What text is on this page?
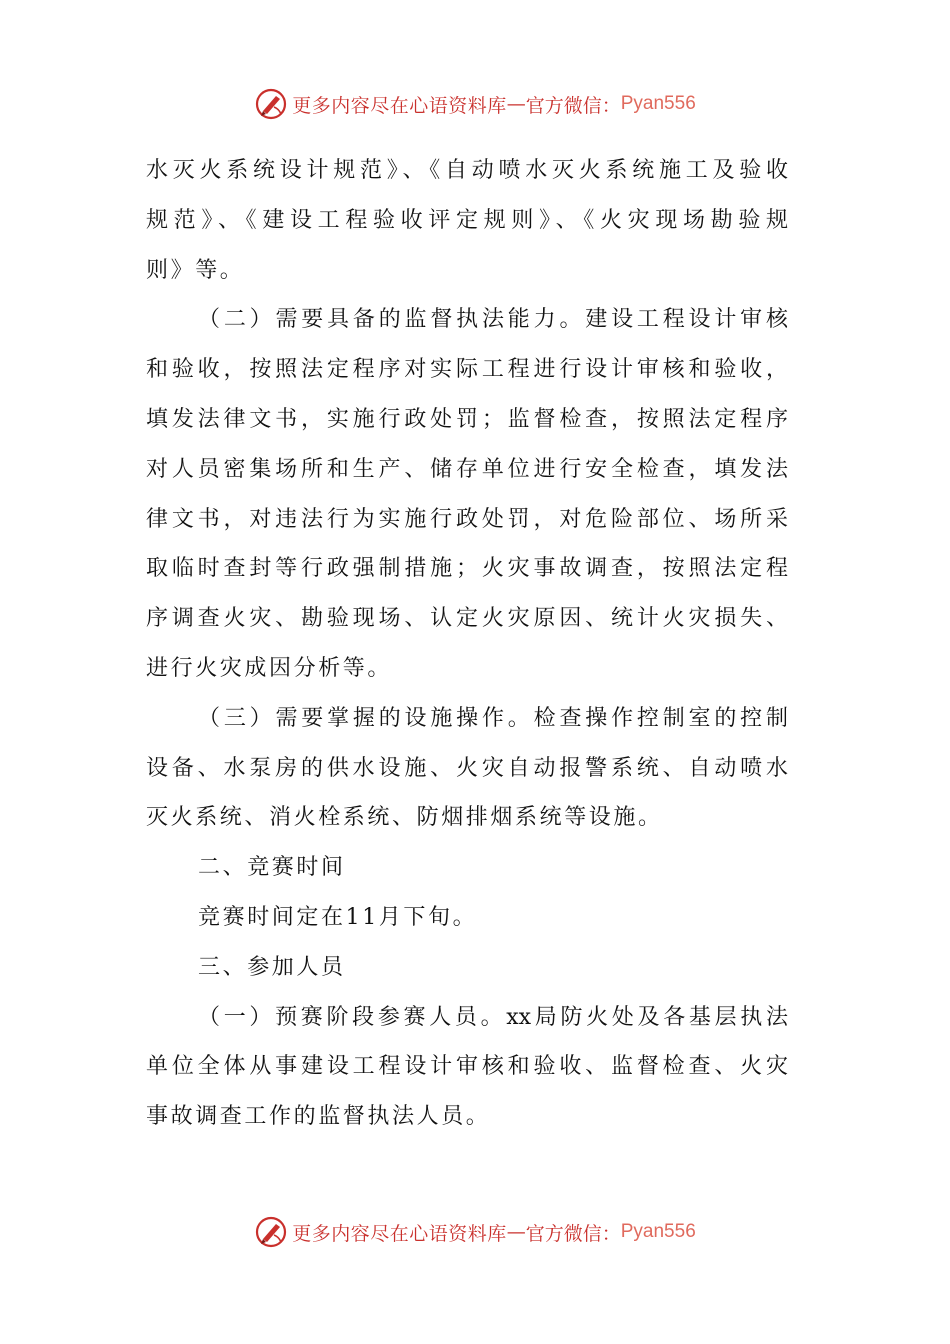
更多内容尽在心语资料库 — 官方微信： Pyan556
水灭火系统设计规范》、《自动喷水灭火系统施工及验收
规范》、《建设工程验收评定规则》、《火灾现场勘验规
则》等。
（二）需要具备的监督执法能力。建设工程设计审核
和验收，按照法定程序对实际工程进行设计审核和验收，
填发法律文书，实施行政处罚；监督检查，按照法定程序
对人员密集场所和生产、储存单位进行安全检查，填发法
律文书，对违法行为实施行政处罚，对危险部位、场所采
取临时查封等行政强制措施；火灾事故调查，按照法定程
序调查火灾、勘验现场、认定火灾原因、统计火灾损失、
进行火灾成因分析等。
（三）需要掌握的设施操作。检查操作控制室的控制
设备、水泵房的供水设施、火灾自动报警系统、自动喷水
灭火系统、消火栓系统、防烟排烟系统等设施。
二、竞赛时间
竞赛时间定在11月下旬。
三、参加人员
（一）预赛阶段参赛人员。xx局防火处及各基层执法
单位全体从事建设工程设计审核和验收、监督检查、火灾
事故调查工作的监督执法人员。
更多内容尽在心语资料库 — 官方微信： Pyan556
